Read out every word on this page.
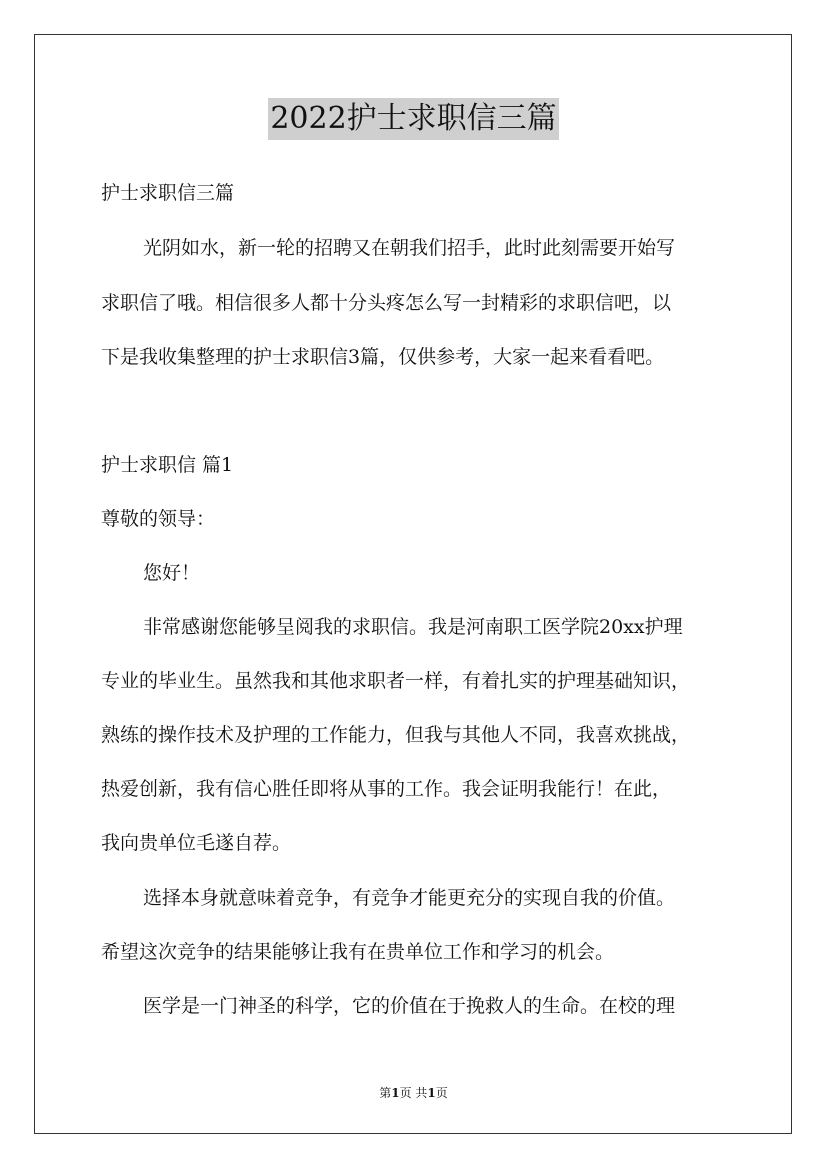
2022护士求职信三篇
护士求职信三篇
光阴如水，新一轮的招聘又在朝我们招手，此时此刻需要开始写
求职信了哦。相信很多人都十分头疼怎么写一封精彩的求职信吧，以
下是我收集整理的护士求职信3篇，仅供参考，大家一起来看看吧。
护士求职信 篇1
尊敬的领导：
您好！
非常感谢您能够呈阅我的求职信。我是河南职工医学院20xx护理
专业的毕业生。虽然我和其他求职者一样，有着扎实的护理基础知识，
熟练的操作技术及护理的工作能力，但我与其他人不同，我喜欢挑战，
热爱创新，我有信心胜任即将从事的工作。我会证明我能行！在此，
我向贵单位毛遂自荐。
选择本身就意味着竞争，有竞争才能更充分的实现自我的价值。
希望这次竞争的结果能够让我有在贵单位工作和学习的机会。
医学是一门神圣的科学，它的价值在于挽救人的生命。在校的理
第1页 共1页
